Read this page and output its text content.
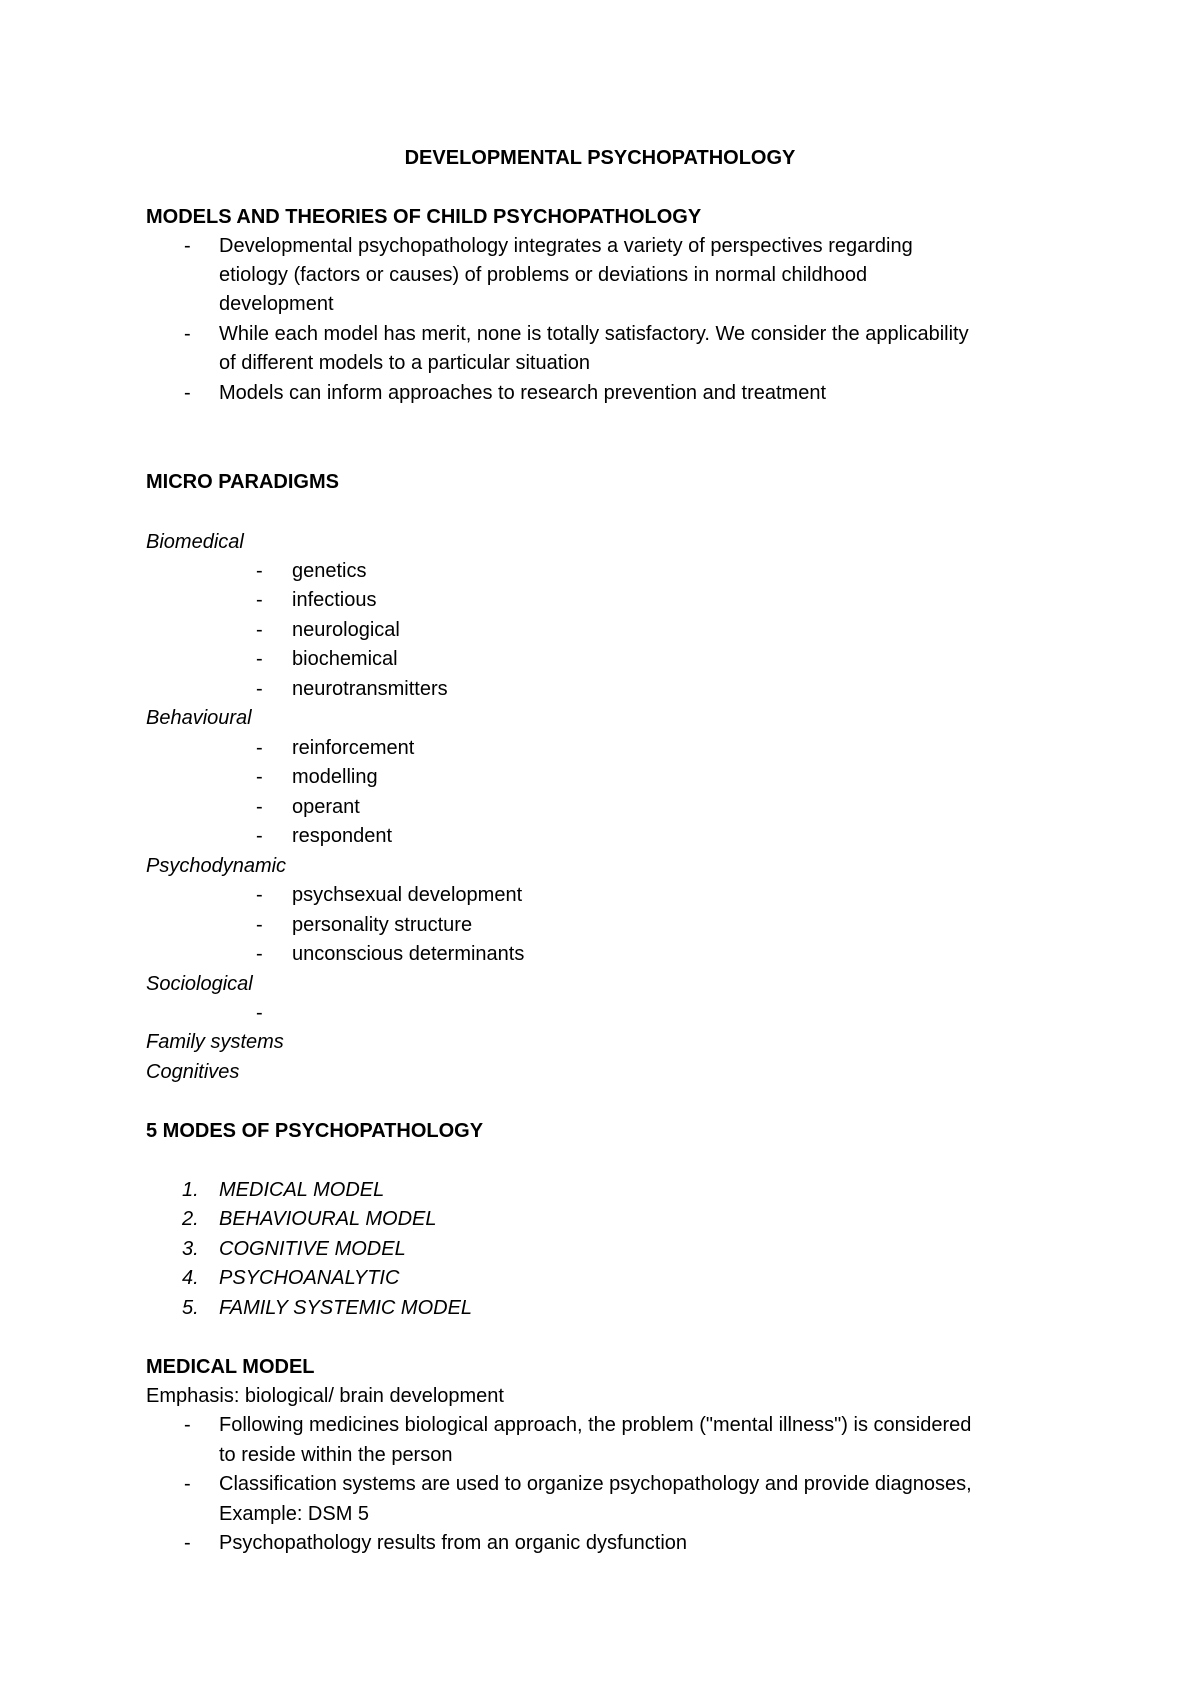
DEVELOPMENTAL PSYCHOPATHOLOGY
MODELS AND THEORIES OF CHILD PSYCHOPATHOLOGY
- Developmental psychopathology integrates a variety of perspectives regarding
etiology (factors or causes) of problems or deviations in normal childhood
development
- While each model has merit, none is totally satisfactory. We consider the applicability
of different models to a particular situation
- Models can inform approaches to research prevention and treatment
MICRO PARADIGMS
Biomedical
- genetics
- infectious
- neurological
- biochemical
- neurotransmitters
Behavioural
- reinforcement
- modelling
- operant
- respondent
Psychodynamic
- psychsexual development
- personality structure
- unconscious determinants
Sociological
-
Family systems
Cognitives
5 MODES OF PSYCHOPATHOLOGY
1. MEDICAL MODEL
2. BEHAVIOURAL MODEL
3. COGNITIVE MODEL
4. PSYCHOANALYTIC
5. FAMILY SYSTEMIC MODEL
MEDICAL MODEL
Emphasis: biological/ brain development
- Following medicines biological approach, the problem ("mental illness") is considered
to reside within the person
- Classification systems are used to organize psychopathology and provide diagnoses,
Example: DSM 5
- Psychopathology results from an organic dysfunction
